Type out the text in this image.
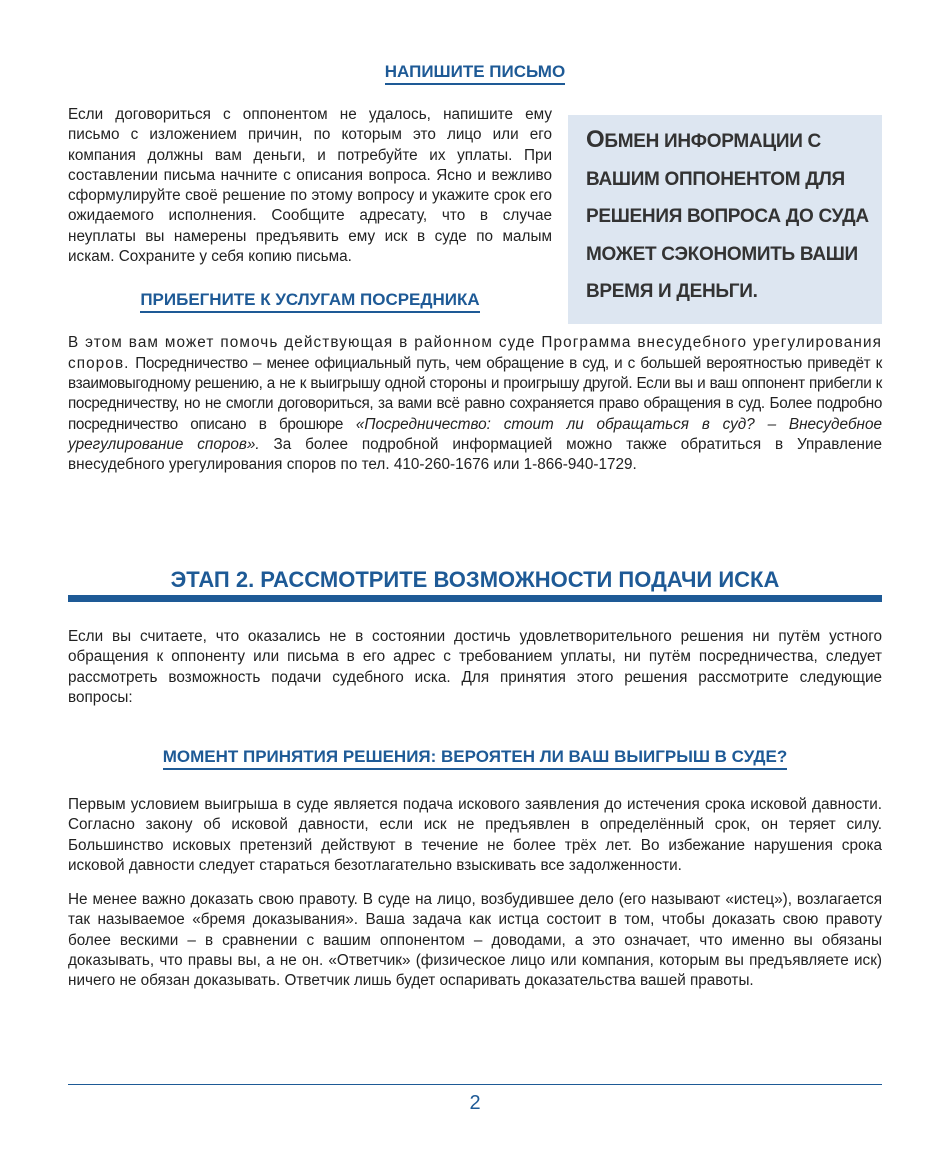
НАПИШИТЕ ПИСЬМО
ОБМЕН ИНФОРМАЦИИ С ВАШИМ ОППОНЕНТОМ ДЛЯ РЕШЕНИЯ ВОПРОСА ДО СУДА МОЖЕТ СЭКОНОМИТЬ ВАШИ ВРЕМЯ И ДЕНЬГИ.

Если договориться с оппонентом не удалось, напишите ему письмо с изложением причин, по которым это лицо или его компания должны вам деньги, и потребуйте их уплаты. При составлении письма начните с описания вопроса. Ясно и вежливо сформулируйте своё решение по этому вопросу и укажите срок его ожидаемого исполнения. Сообщите адресату, что в случае неуплаты вы намерены предъявить ему иск в суде по малым искам. Сохраните у себя копию письма.

ПРИБЕГНИТЕ К УСЛУГАМ ПОСРЕДНИКА

В этом вам может помочь действующая в районном суде Программа внесудебного урегулирования споров. Посредничество – менее официальный путь, чем обращение в суд, и с большей вероятностью приведёт к взаимовыгодному решению, а не к выигрышу одной стороны и проигрышу другой. Если вы и ваш оппонент прибегли к посредничеству, но не смогли договориться, за вами всё равно сохраняется право обращения в суд. Более подробно посредничество описано в брошюре «Посредничество: стоит ли обращаться в суд? – Внесудебное урегулирование споров». За более подробной информацией можно также обратиться в Управление внесудебного урегулирования споров по тел. 410-260-1676 или 1-866-940-1729.

ЭТАП 2. РАССМОТРИТЕ ВОЗМОЖНОСТИ ПОДАЧИ ИСКА

Если вы считаете, что оказались не в состоянии достичь удовлетворительного решения ни путём устного обращения к оппоненту или письма в его адрес с требованием уплаты, ни путём посредничества, следует рассмотреть возможность подачи судебного иска. Для принятия этого решения рассмотрите следующие вопросы:

МОМЕНТ ПРИНЯТИЯ РЕШЕНИЯ: ВЕРОЯТЕН ЛИ ВАШ ВЫИГРЫШ В СУДЕ?

Первым условием выигрыша в суде является подача искового заявления до истечения срока исковой давности. Согласно закону об исковой давности, если иск не предъявлен в определённый срок, он теряет силу. Большинство исковых претензий действуют в течение не более трёх лет. Во избежание нарушения срока исковой давности следует стараться безотлагательно взыскивать все задолженности.

Не менее важно доказать свою правоту. В суде на лицо, возбудившее дело (его называют «истец»), возлагается так называемое «бремя доказывания». Ваша задача как истца состоит в том, чтобы доказать свою правоту более вескими – в сравнении с вашим оппонентом – доводами, а это означает, что именно вы обязаны доказывать, что правы вы, а не он. «Ответчик» (физическое лицо или компания, которым вы предъявляете иск) ничего не обязан доказывать. Ответчик лишь будет оспаривать доказательства вашей правоты.

2
